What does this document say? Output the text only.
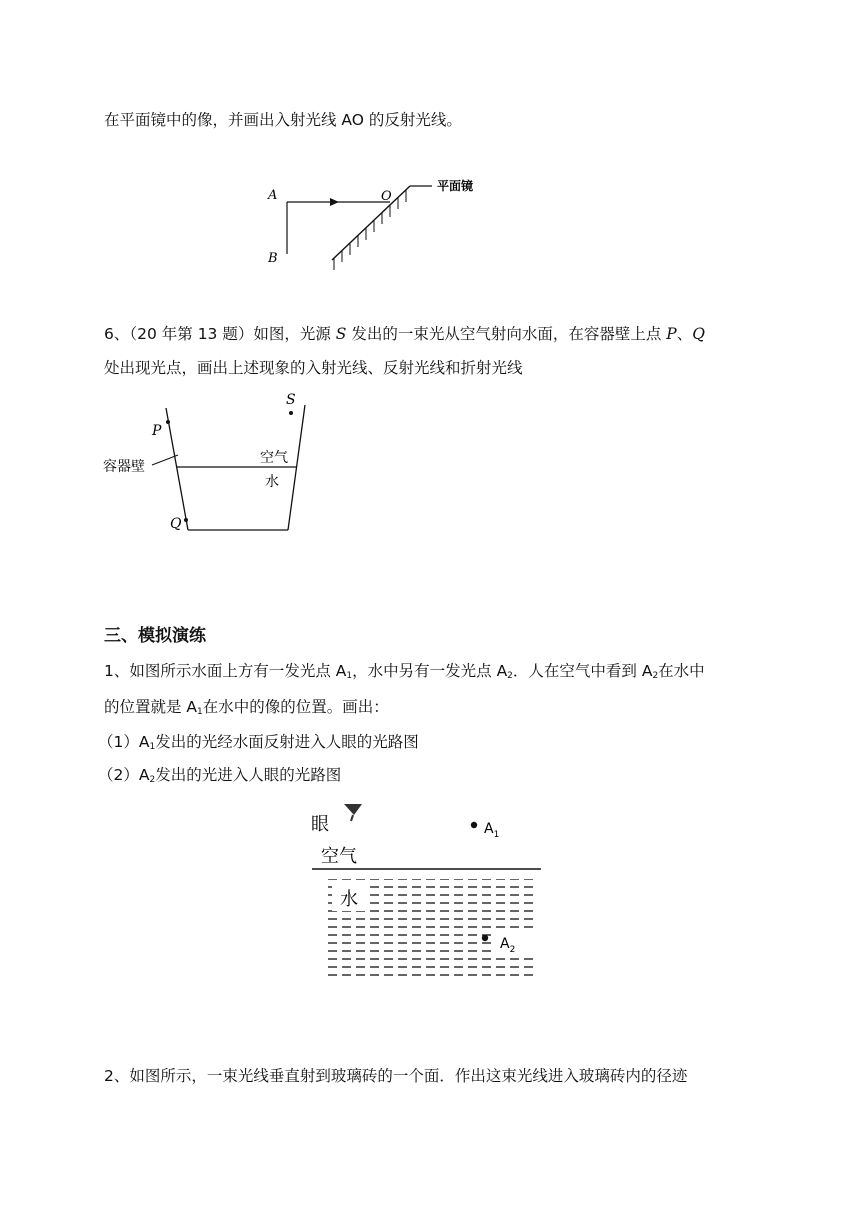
在平面镜中的像，并画出入射光线 AO 的反射光线。
A
B
O
平面镜
6、（20 年第 13 题）如图，光源 S 发出的一束光从空气射向水面，在容器壁上点 P、Q
处出现光点，画出上述现象的入射光线、反射光线和折射光线
P
S
Q
容器壁
空气
水
三、模拟演练
1、如图所示水面上方有一发光点 $A_1$，水中另有一发光点 $A_2$．人在空气中看到 $A_2$在水中
的位置就是 $A_1$在水中的像的位置。画出：
$(1)A_1$发出的光经水面反射进入人眼的光路图
$(2)A_2$发出的光进入人眼的光路图
眼	$A_1$
空气
水
$A_2$
2、如图所示，一束光线垂直射到玻璃砖的一个面．作出这束光线进入玻璃砖内的径迹
